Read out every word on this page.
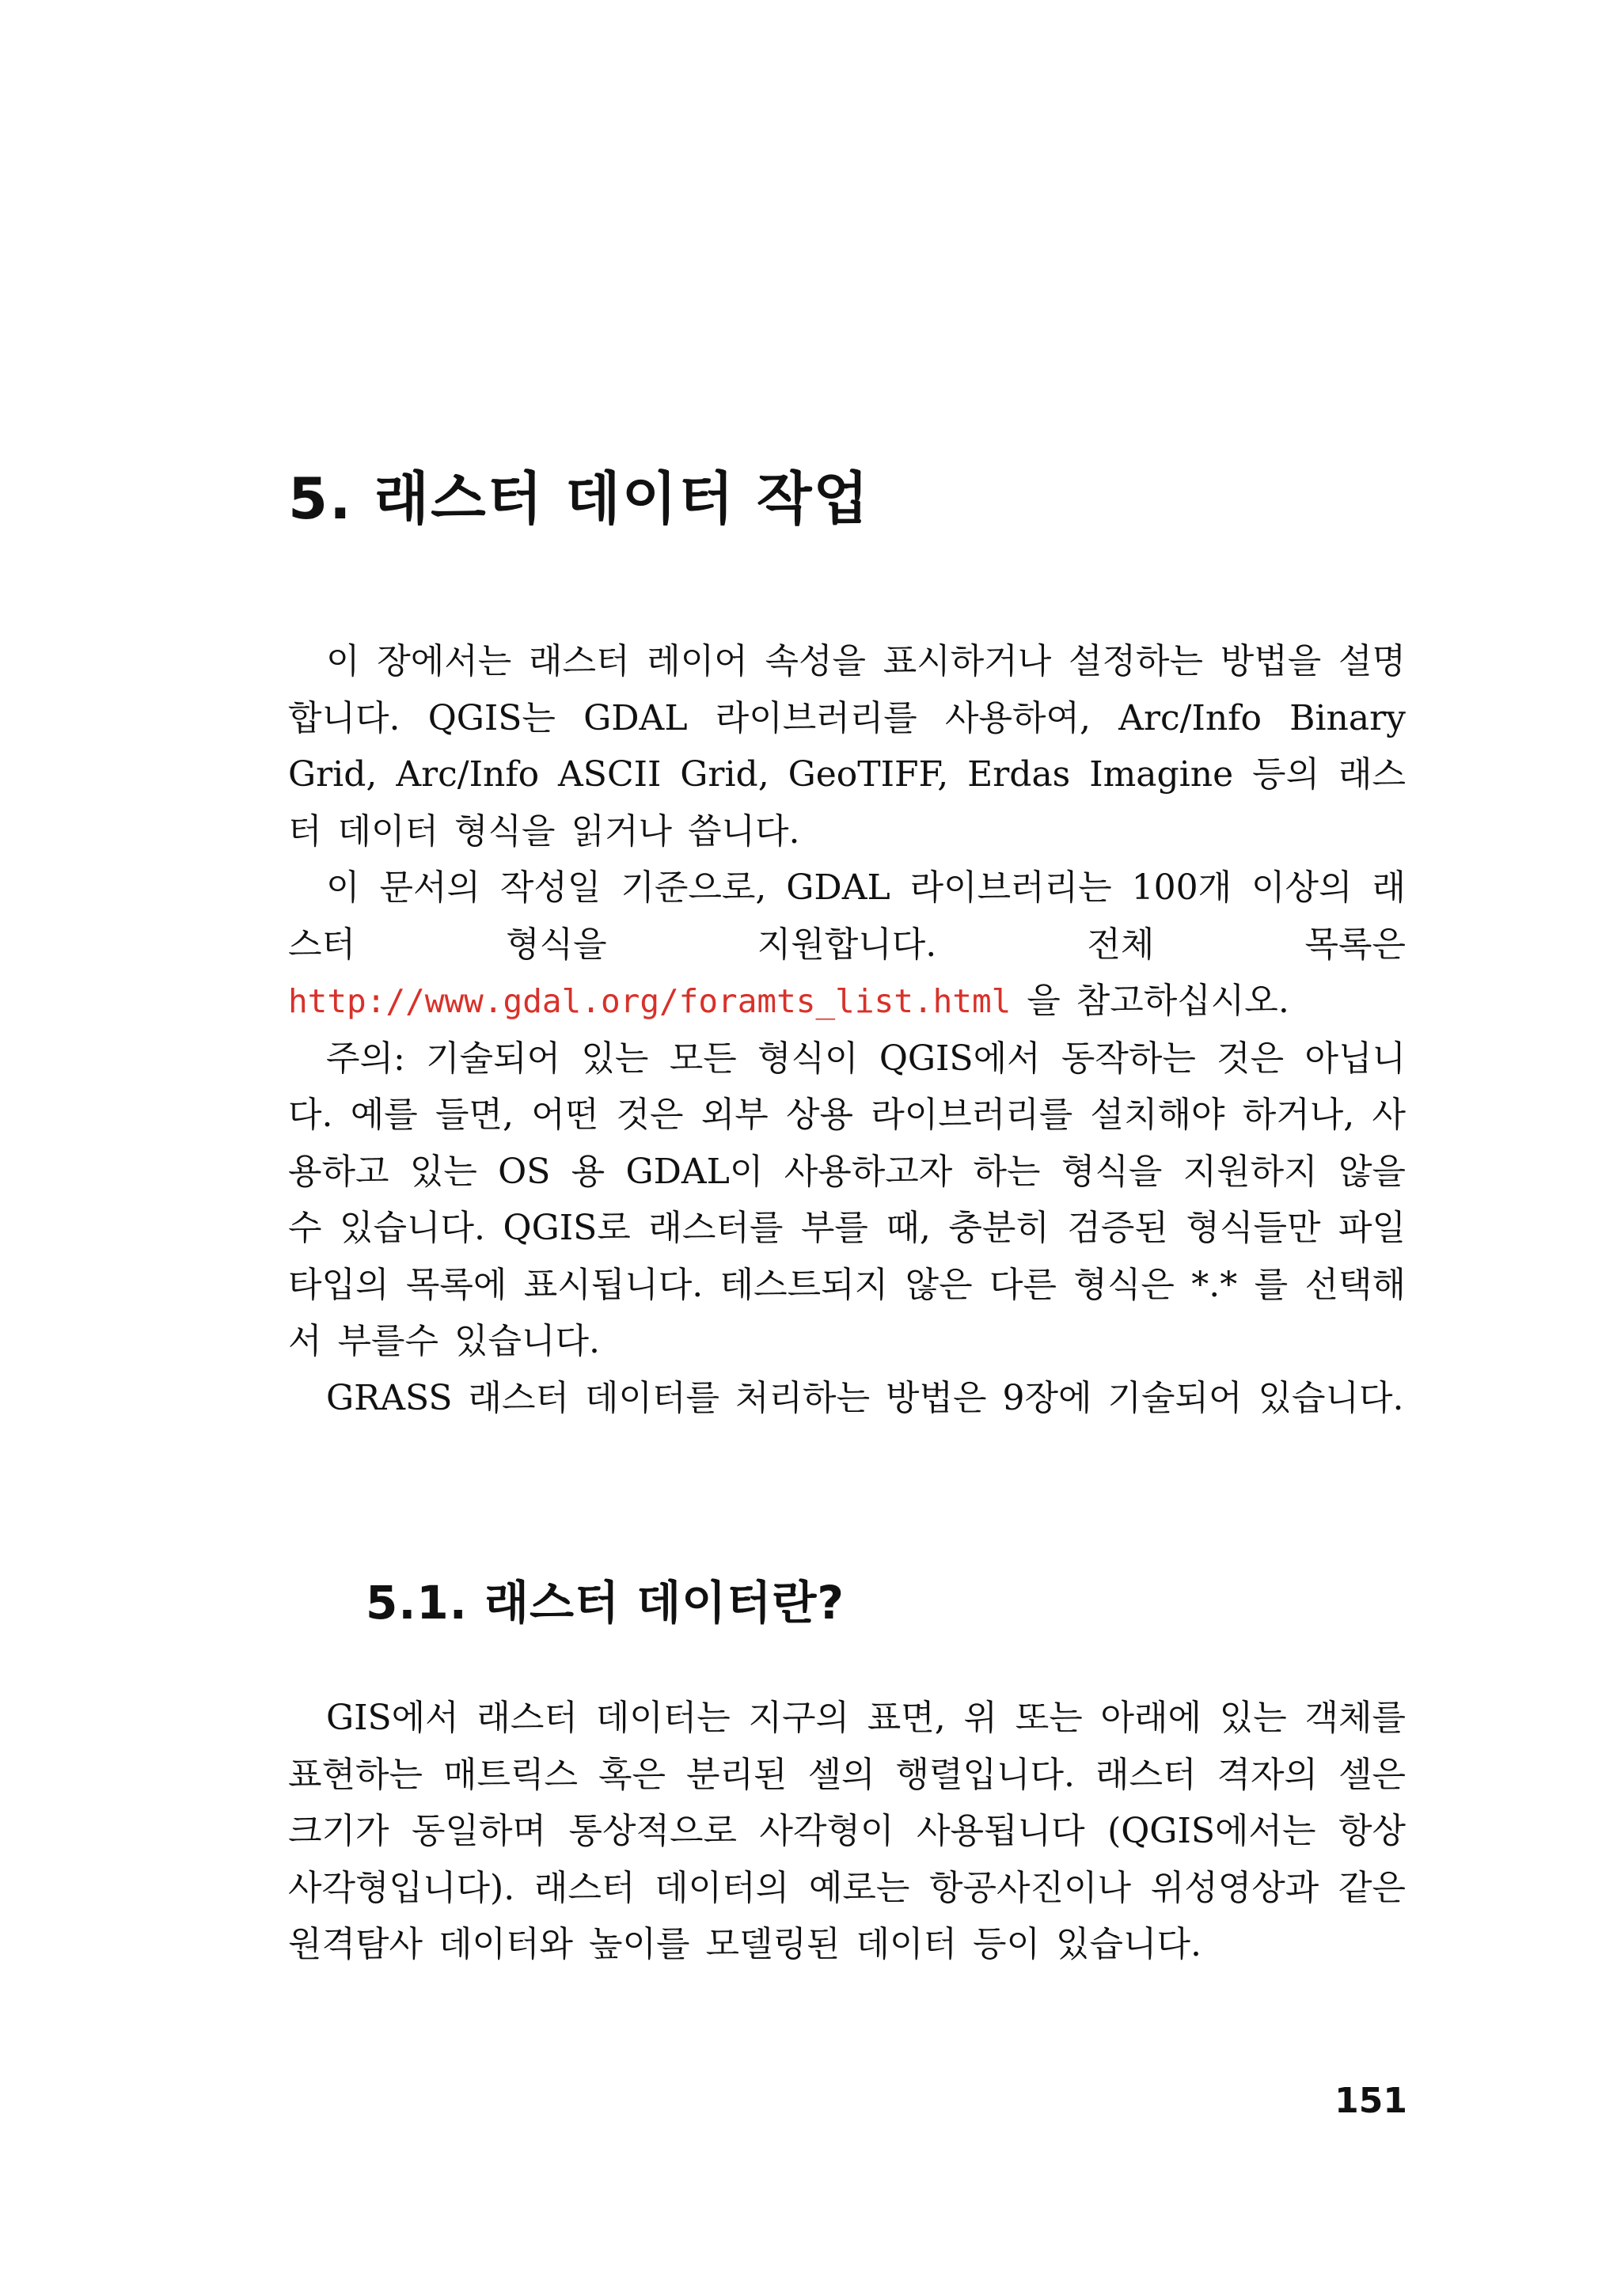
5. 래스터 데이터 작업

이 장에서는 래스터 레이어 속성을 표시하거나 설정하는 방법을 설명합니다. QGIS는 GDAL 라이브러리를 사용하여, Arc/Info Binary Grid, Arc/Info ASCII Grid, GeoTIFF, Erdas Imagine 등의 래스터 데이터 형식을 읽거나 씁니다.

이 문서의 작성일 기준으로, GDAL 라이브러리는 100개 이상의 래스터 형식을 지원합니다. 전체 목록은 http://www.gdal.org/foramts_list.html 을 참고하십시오.

주의: 기술되어 있는 모든 형식이 QGIS에서 동작하는 것은 아닙니다. 예를 들면, 어떤 것은 외부 상용 라이브러리를 설치해야 하거나, 사용하고 있는 OS 용 GDAL이 사용하고자 하는 형식을 지원하지 않을 수 있습니다. QGIS로 래스터를 부를 때, 충분히 검증된 형식들만 파일 타입의 목록에 표시됩니다. 테스트되지 않은 다른 형식은 *.* 를 선택해서 부를수 있습니다.

GRASS 래스터 데이터를 처리하는 방법은 9장에 기술되어 있습니다.

5.1. 래스터 데이터란?

GIS에서 래스터 데이터는 지구의 표면, 위 또는 아래에 있는 객체를 표현하는 매트릭스 혹은 분리된 셀의 행렬입니다. 래스터 격자의 셀은 크기가 동일하며 통상적으로 사각형이 사용됩니다 (QGIS에서는 항상 사각형입니다). 래스터 데이터의 예로는 항공사진이나 위성영상과 같은 원격탐사 데이터와 높이를 모델링된 데이터 등이 있습니다.

151
